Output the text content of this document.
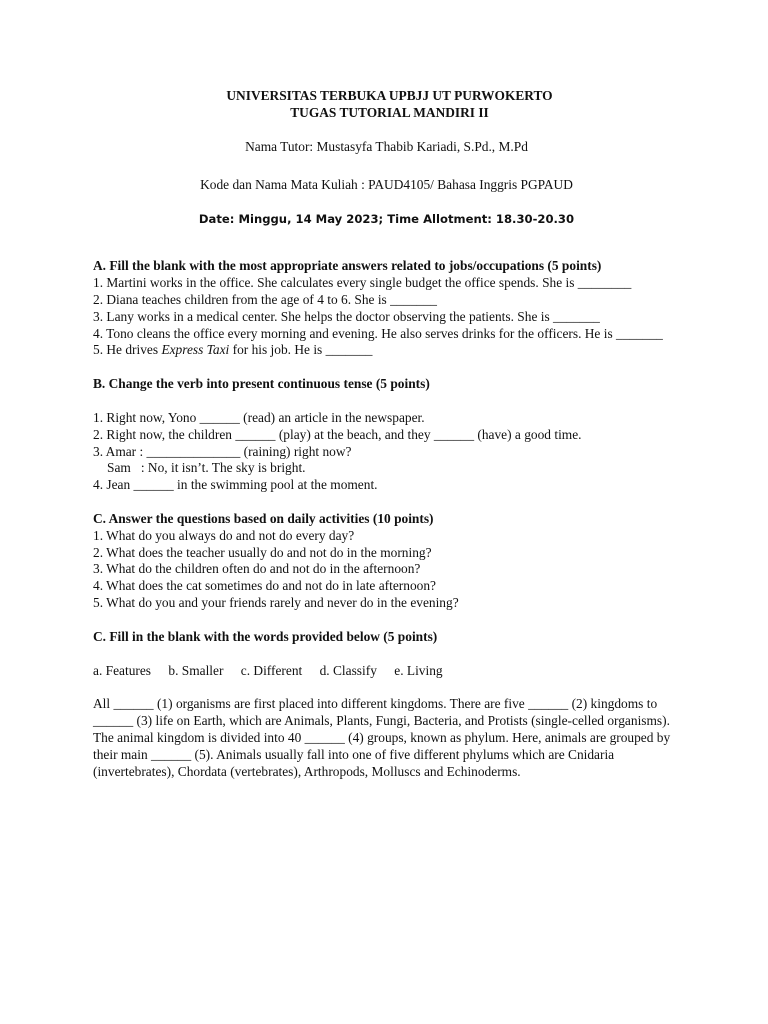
UNIVERSITAS TERBUKA UPBJJ UT PURWOKERTO
TUGAS TUTORIAL MANDIRI II
Nama Tutor: Mustasyfa Thabib Kariadi, S.Pd., M.Pd
Kode dan Nama Mata Kuliah : PAUD4105/ Bahasa Inggris PGPAUD
Date: Minggu, 14 May 2023; Time Allotment: 18.30-20.30
A. Fill the blank with the most appropriate answers related to jobs/occupations (5 points)
1. Martini works in the office. She calculates every single budget the office spends. She is ________
2. Diana teaches children from the age of 4 to 6. She is _______
3. Lany works in a medical center. She helps the doctor observing the patients. She is _______
4. Tono cleans the office every morning and evening. He also serves drinks for the officers. He is _______
5. He drives Express Taxi for his job. He is _______
B. Change the verb into present continuous tense (5 points)
1. Right now, Yono ______ (read) an article in the newspaper.
2. Right now, the children ______ (play) at the beach, and they ______ (have) a good time.
3. Amar : ______________ (raining) right now?
Sam   : No, it isn’t. The sky is bright.
4. Jean ______ in the swimming pool at the moment.
C. Answer the questions based on daily activities (10 points)
1. What do you always do and not do every day?
2. What does the teacher usually do and not do in the morning?
3. What do the children often do and not do in the afternoon?
4. What does the cat sometimes do and not do in late afternoon?
5. What do you and your friends rarely and never do in the evening?
C. Fill in the blank with the words provided below (5 points)
a. Features b. Smaller c. Different d. Classify e. Living
All ______ (1) organisms are first placed into different kingdoms. There are five ______ (2) kingdoms to ______ (3) life on Earth, which are Animals, Plants, Fungi, Bacteria, and Protists (single-celled organisms). The animal kingdom is divided into 40 ______ (4) groups, known as phylum. Here, animals are grouped by their main ______ (5). Animals usually fall into one of five different phylums which are Cnidaria (invertebrates), Chordata (vertebrates), Arthropods, Molluscs and Echinoderms.
